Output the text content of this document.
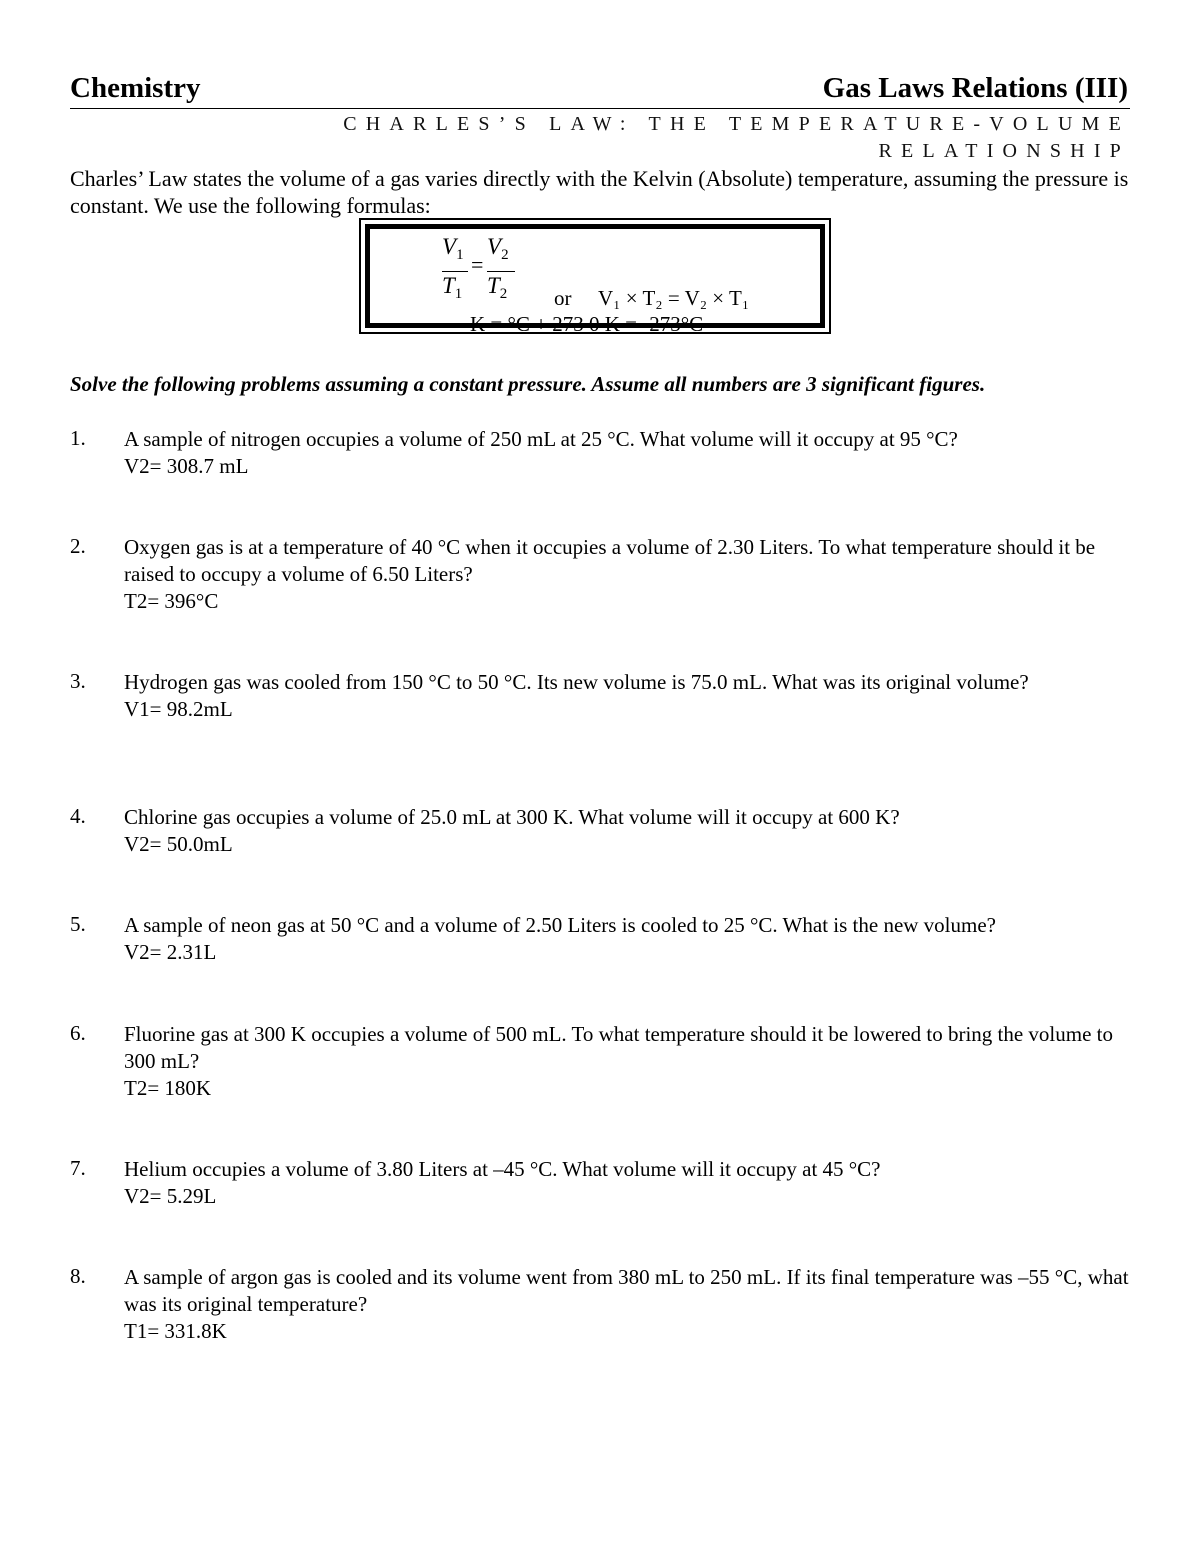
Chemistry	Gas Laws Relations (III)
CHARLES’S LAW: THE TEMPERATURE-VOLUME
RELATIONSHIP
Charles’ Law states the volume of a gas varies directly with the Kelvin (Absolute) temperature, assuming the pressure is constant. We use the following formulas:
$V_1$
$T_1$
=
$V_2$
$T_2$ or V₁ × T₂ = V₂ × T₁
K = °C + 273 0 K = -273°C
Solve the following problems assuming a constant pressure. Assume all numbers are 3 significant figures.
1. A sample of nitrogen occupies a volume of 250 mL at 25 °C. What volume will it occupy at 95 °C?
V2= 308.7 mL
2. Oxygen gas is at a temperature of 40 °C when it occupies a volume of 2.30 Liters. To what temperature should it be raised to occupy a volume of 6.50 Liters?
T2= 396°C
3. Hydrogen gas was cooled from 150 °C to 50 °C. Its new volume is 75.0 mL. What was its original volume?
V1= 98.2mL
4. Chlorine gas occupies a volume of 25.0 mL at 300 K. What volume will it occupy at 600 K?
V2= 50.0mL
5. A sample of neon gas at 50 °C and a volume of 2.50 Liters is cooled to 25 °C. What is the new volume?
V2= 2.31L
6. Fluorine gas at 300 K occupies a volume of 500 mL. To what temperature should it be lowered to bring the volume to 300 mL?
T2= 180K
7. Helium occupies a volume of 3.80 Liters at –45 °C. What volume will it occupy at 45 °C?
V2= 5.29L
8. A sample of argon gas is cooled and its volume went from 380 mL to 250 mL. If its final temperature was –55 °C, what was its original temperature?
T1= 331.8K
